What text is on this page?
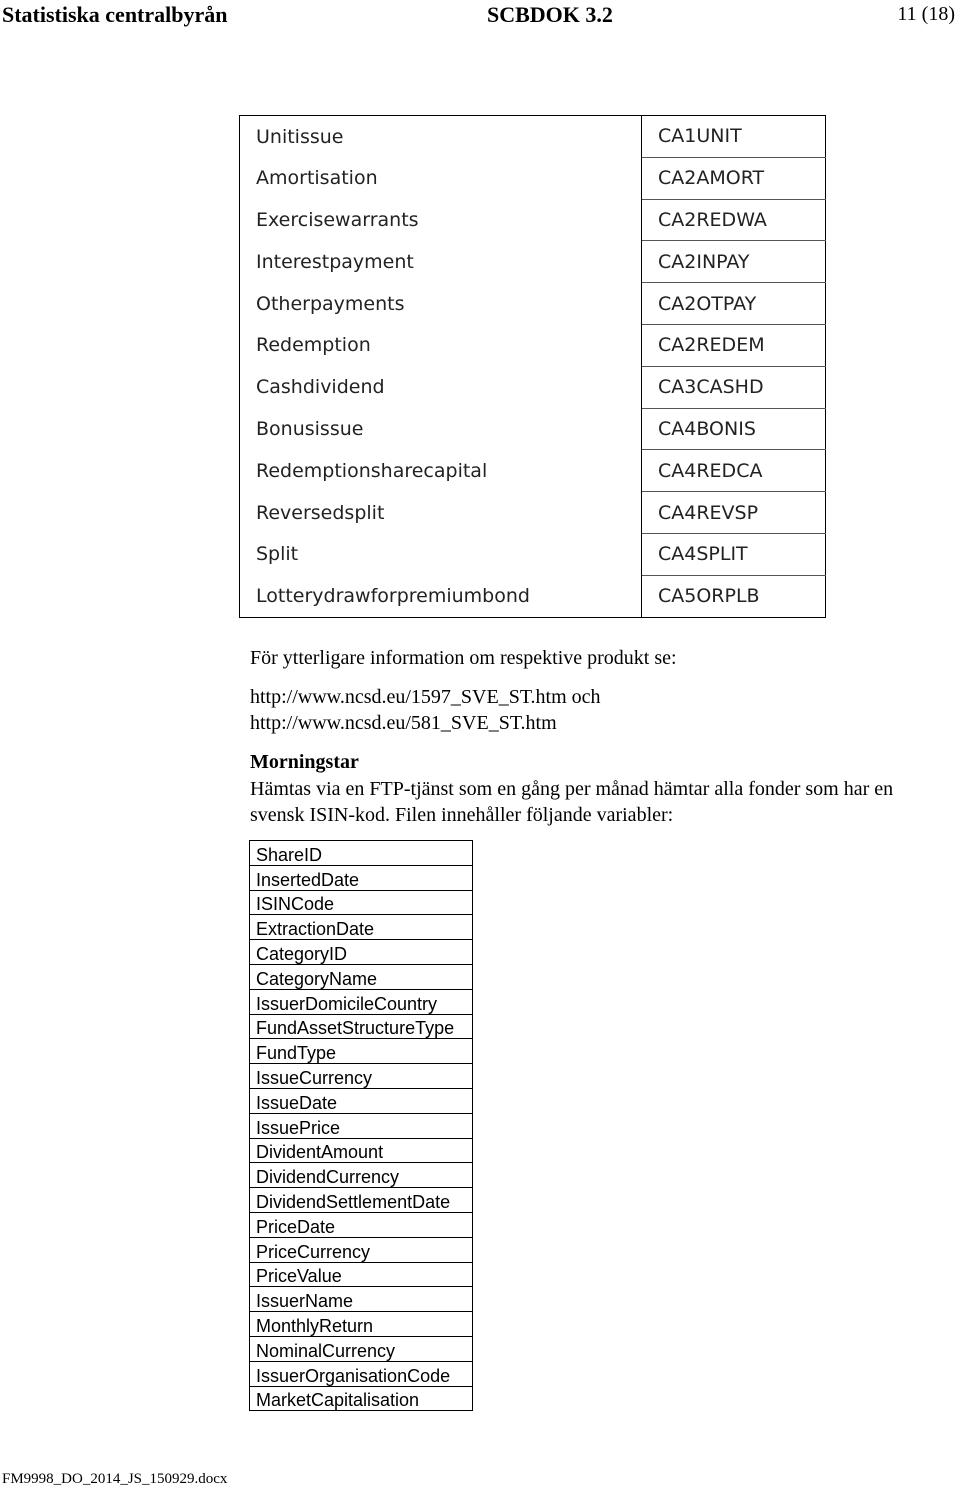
Statistiska centralbyrån	SCBDOK 3.2	11 (18)
Unitissue	CA1UNIT
Amortisation	CA2AMORT
Exercisewarrants	CA2REDWA
Interestpayment	CA2INPAY
Otherpayments	CA2OTPAY
Redemption	CA2REDEM
Cashdividend	CA3CASHD
Bonusissue	CA4BONIS
Redemptionsharecapital	CA4REDCA
Reversedsplit	CA4REVSP
Split	CA4SPLIT
Lotterydrawforpremiumbond	CA5ORPLB
För ytterligare information om respektive produkt se:
http://www.ncsd.eu/1597_SVE_ST.htm och
http://www.ncsd.eu/581_SVE_ST.htm
Morningstar
Hämtas via en FTP-tjänst som en gång per månad hämtar alla fonder som har en svensk ISIN-kod. Filen innehåller följande variabler:
ShareID
InsertedDate
ISINCode
ExtractionDate
CategoryID
CategoryName
IssuerDomicileCountry
FundAssetStructureType
FundType
IssueCurrency
IssueDate
IssuePrice
DividentAmount
DividendCurrency
DividendSettlementDate
PriceDate
PriceCurrency
PriceValue
IssuerName
MonthlyReturn
NominalCurrency
IssuerOrganisationCode
MarketCapitalisation
FM9998_DO_2014_JS_150929.docx
